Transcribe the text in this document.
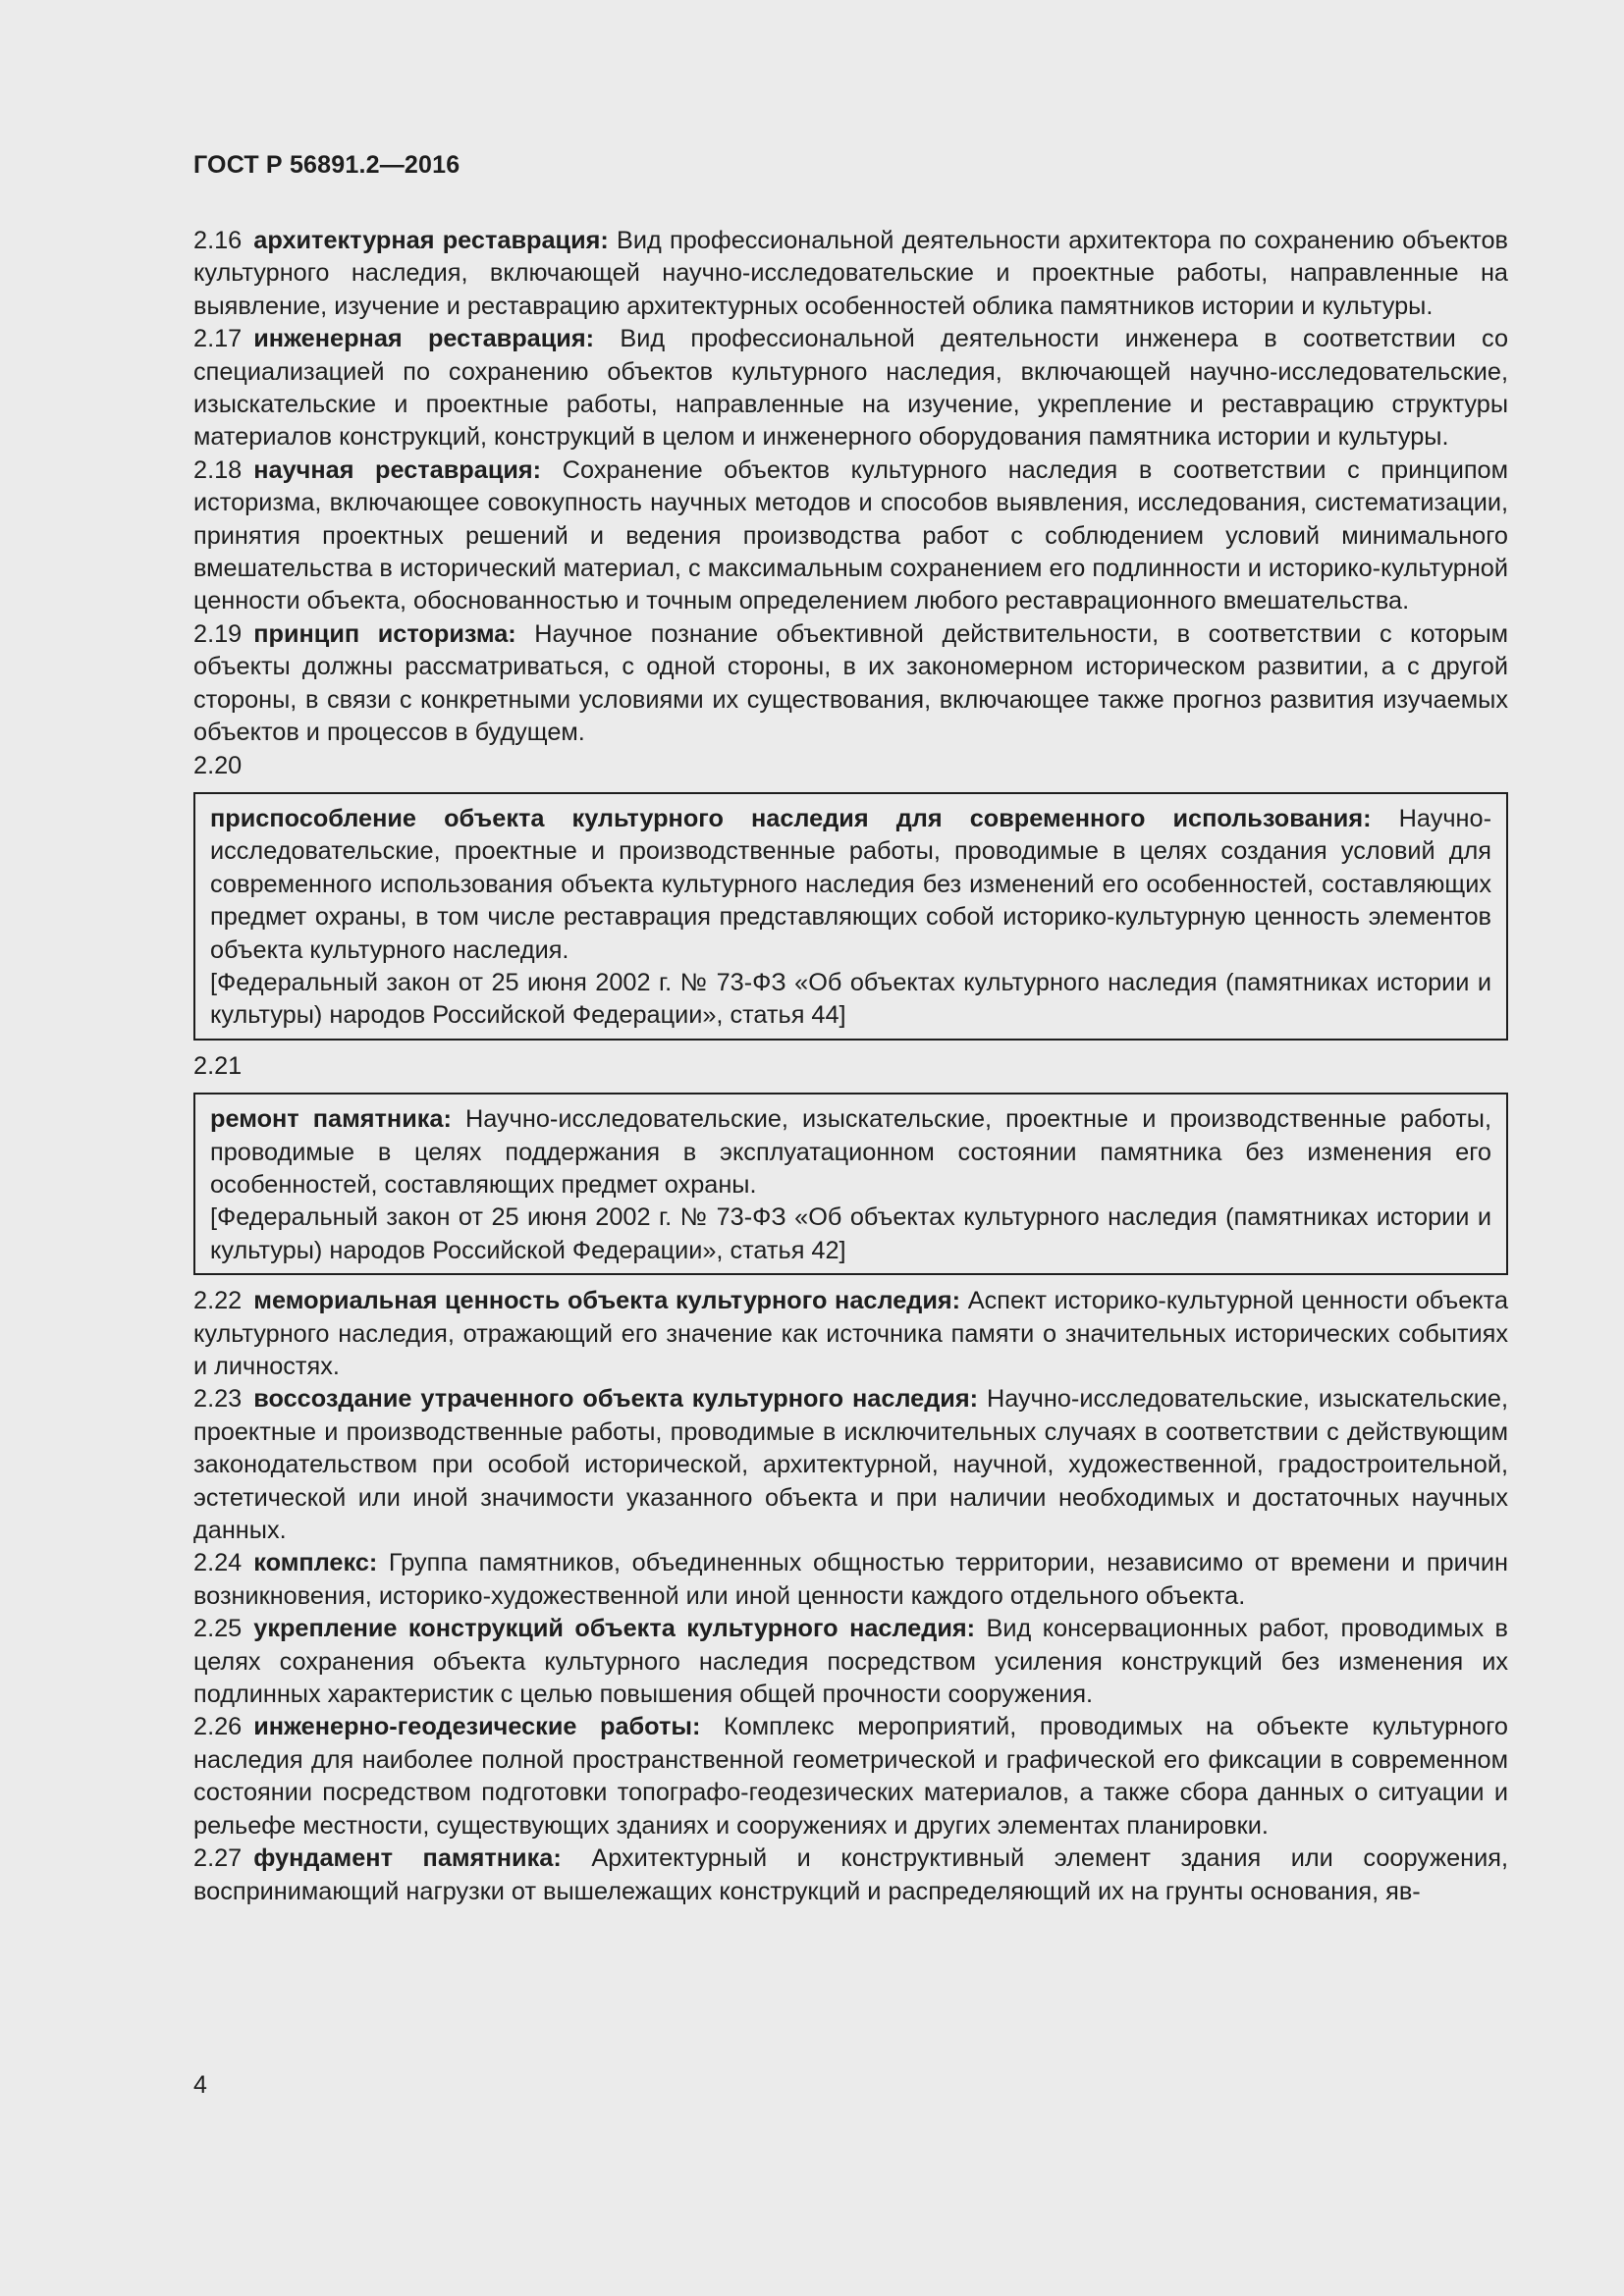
ГОСТ Р 56891.2—2016

2.16 архитектурная реставрация: Вид профессиональной деятельности архитектора по сохранению объектов культурного наследия, включающей научно-исследовательские и проектные работы, направленные на выявление, изучение и реставрацию архитектурных особенностей облика памятников истории и культуры.

2.17 инженерная реставрация: Вид профессиональной деятельности инженера в соответствии со специализацией по сохранению объектов культурного наследия, включающей научно-исследовательские, изыскательские и проектные работы, направленные на изучение, укрепление и реставрацию структуры материалов конструкций, конструкций в целом и инженерного оборудования памятника истории и культуры.

2.18 научная реставрация: Сохранение объектов культурного наследия в соответствии с принципом историзма, включающее совокупность научных методов и способов выявления, исследования, систематизации, принятия проектных решений и ведения производства работ с соблюдением условий минимального вмешательства в исторический материал, с максимальным сохранением его подлинности и историко-культурной ценности объекта, обоснованностью и точным определением любого реставрационного вмешательства.

2.19 принцип историзма: Научное познание объективной действительности, в соответствии с которым объекты должны рассматриваться, с одной стороны, в их закономерном историческом развитии, а с другой стороны, в связи с конкретными условиями их существования, включающее также прогноз развития изучаемых объектов и процессов в будущем.

2.20

приспособление объекта культурного наследия для современного использования: Научно-исследовательские, проектные и производственные работы, проводимые в целях создания условий для современного использования объекта культурного наследия без изменений его особенностей, составляющих предмет охраны, в том числе реставрация представляющих собой историко-культурную ценность элементов объекта культурного наследия.

[Федеральный закон от 25 июня 2002 г. № 73-ФЗ «Об объектах культурного наследия (памятниках истории и культуры) народов Российской Федерации», статья 44]

2.21

ремонт памятника: Научно-исследовательские, изыскательские, проектные и производственные работы, проводимые в целях поддержания в эксплуатационном состоянии памятника без изменения его особенностей, составляющих предмет охраны.

[Федеральный закон от 25 июня 2002 г. № 73-ФЗ «Об объектах культурного наследия (памятниках истории и культуры) народов Российской Федерации», статья 42]

2.22 мемориальная ценность объекта культурного наследия: Аспект историко-культурной ценности объекта культурного наследия, отражающий его значение как источника памяти о значительных исторических событиях и личностях.

2.23 воссоздание утраченного объекта культурного наследия: Научно-исследовательские, изыскательские, проектные и производственные работы, проводимые в исключительных случаях в соответствии с действующим законодательством при особой исторической, архитектурной, научной, художественной, градостроительной, эстетической или иной значимости указанного объекта и при наличии необходимых и достаточных научных данных.

2.24 комплекс: Группа памятников, объединенных общностью территории, независимо от времени и причин возникновения, историко-художественной или иной ценности каждого отдельного объекта.

2.25 укрепление конструкций объекта культурного наследия: Вид консервационных работ, проводимых в целях сохранения объекта культурного наследия посредством усиления конструкций без изменения их подлинных характеристик с целью повышения общей прочности сооружения.

2.26 инженерно-геодезические работы: Комплекс мероприятий, проводимых на объекте культурного наследия для наиболее полной пространственной геометрической и графической его фиксации в современном состоянии посредством подготовки топографо-геодезических материалов, а также сбора данных о ситуации и рельефе местности, существующих зданиях и сооружениях и других элементах планировки.

2.27 фундамент памятника: Архитектурный и конструктивный элемент здания или сооружения, воспринимающий нагрузки от вышележащих конструкций и распределяющий их на грунты основания, яв-

4
